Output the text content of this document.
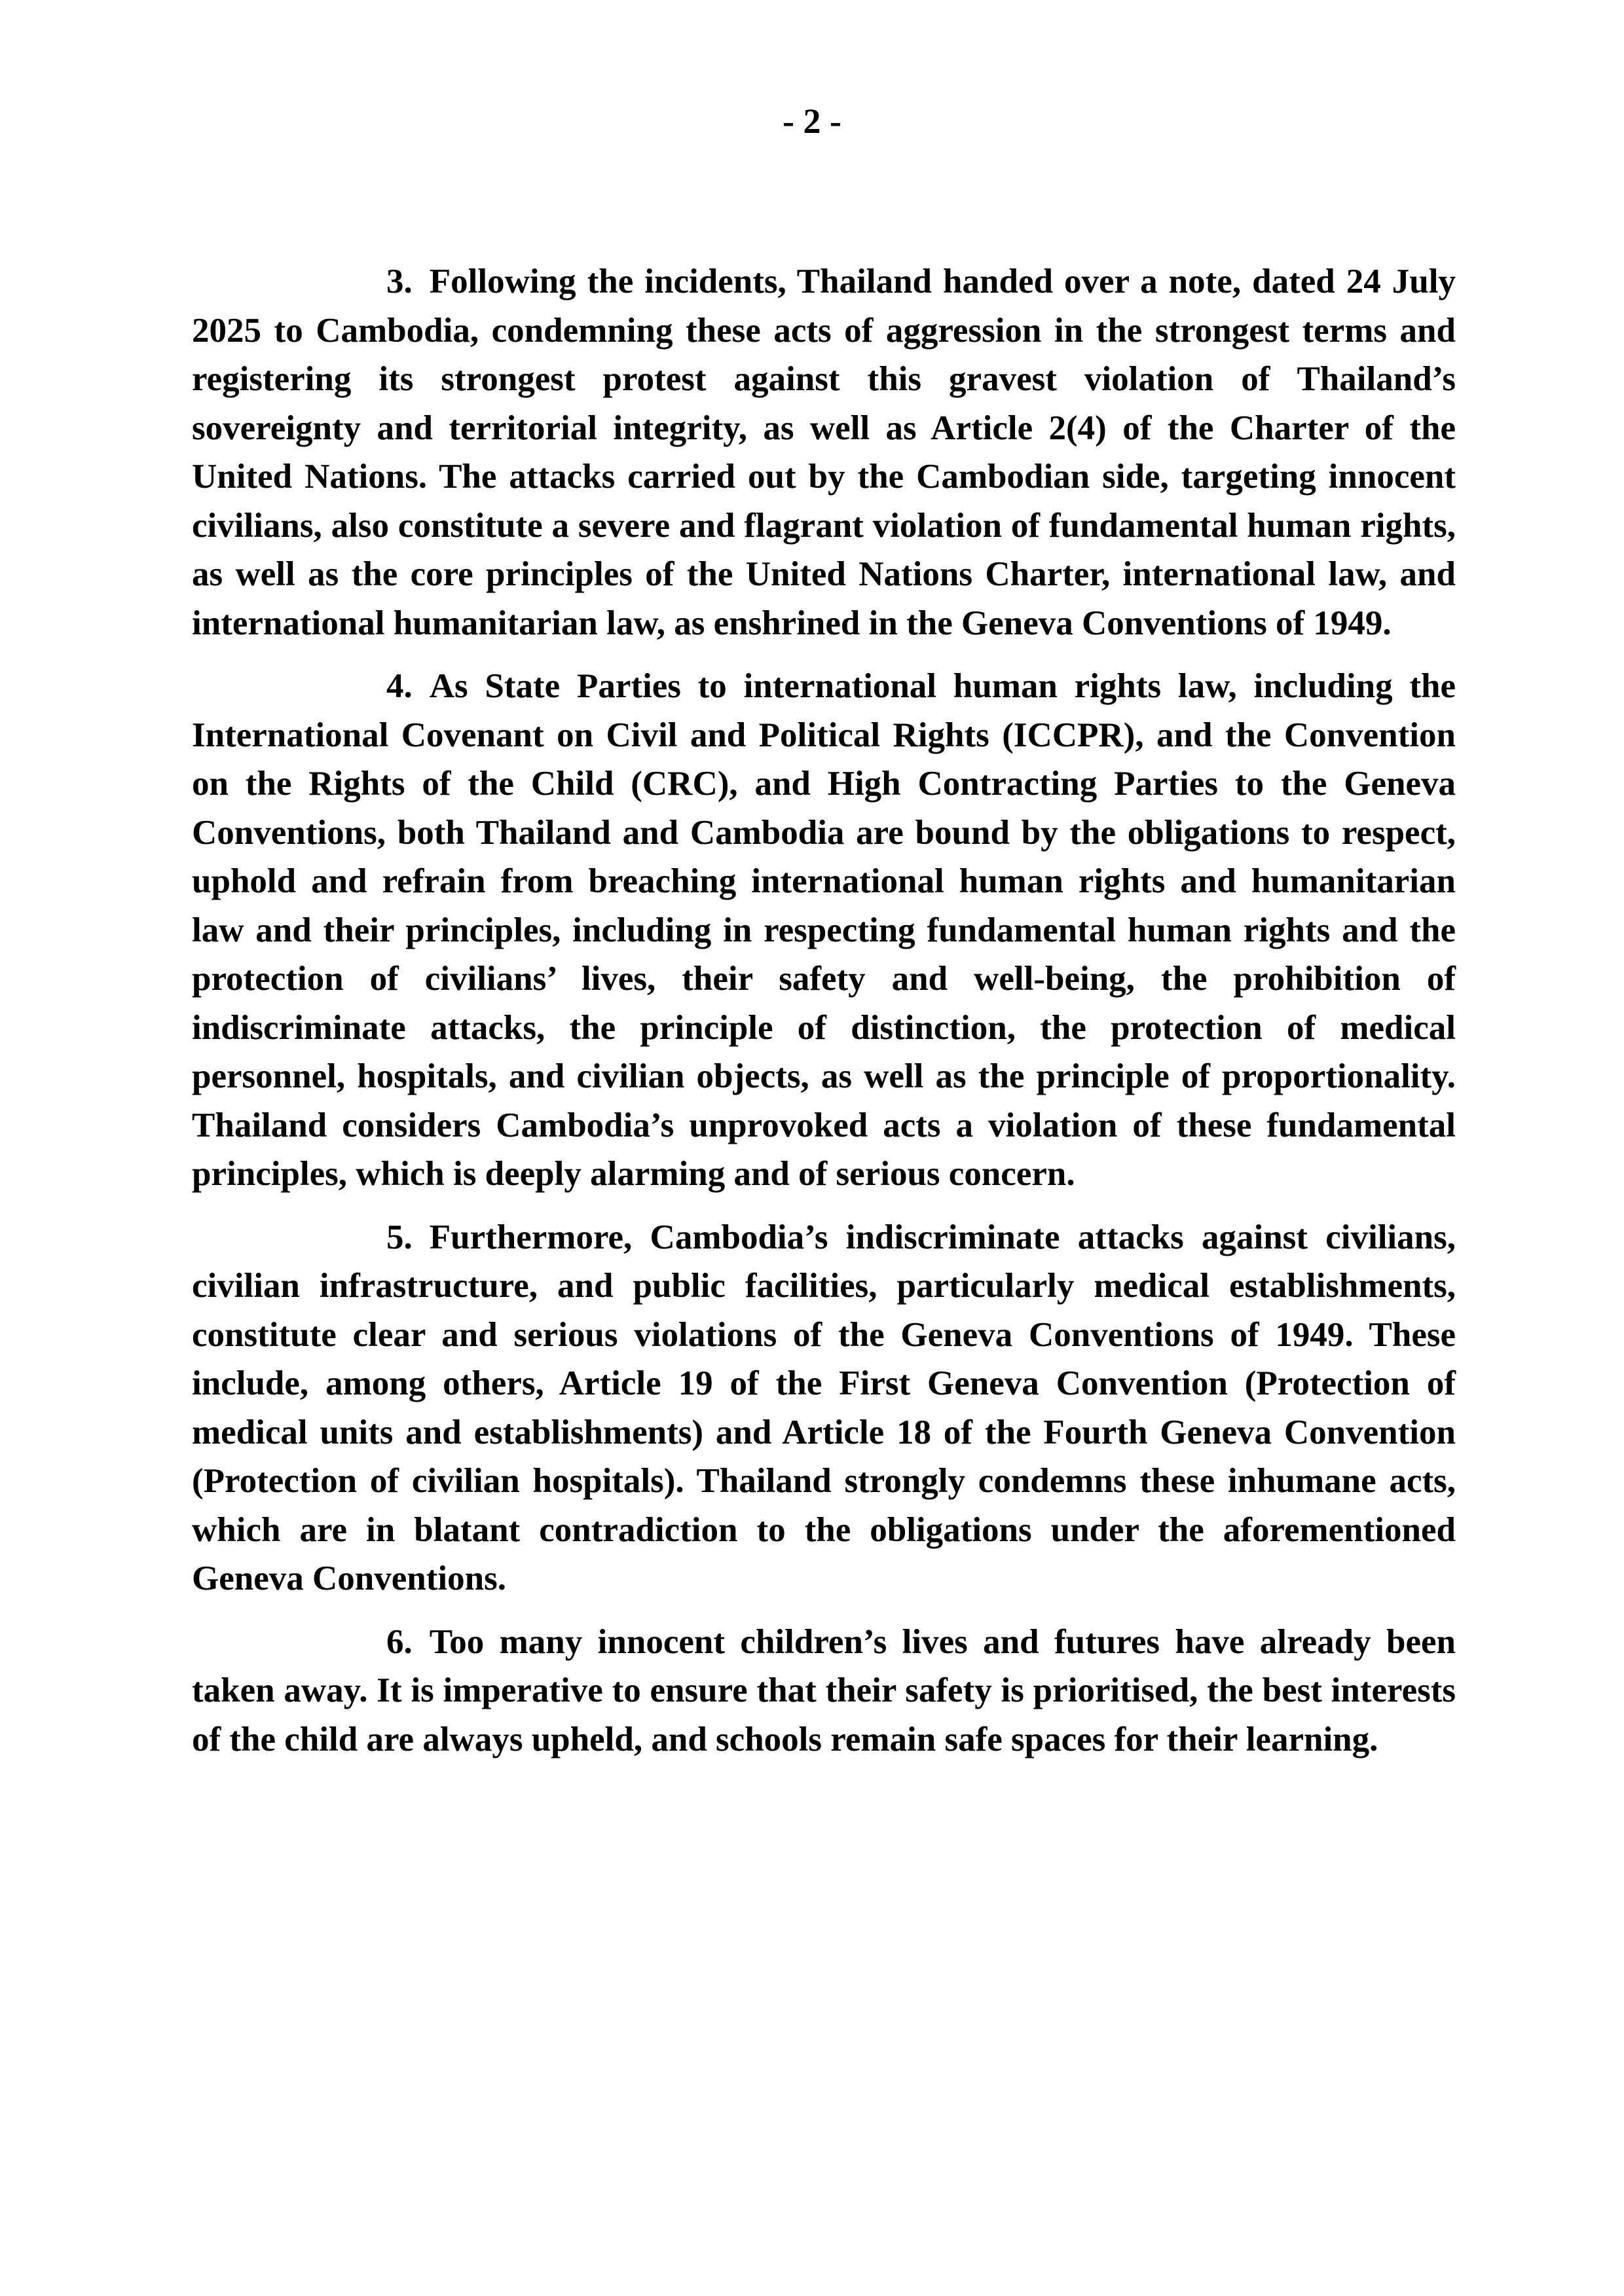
- 2 -

3. Following the incidents, Thailand handed over a note, dated 24 July 2025 to Cambodia, condemning these acts of aggression in the strongest terms and registering its strongest protest against this gravest violation of Thailand’s sovereignty and territorial integrity, as well as Article 2(4) of the Charter of the United Nations. The attacks carried out by the Cambodian side, targeting innocent civilians, also constitute a severe and flagrant violation of fundamental human rights, as well as the core principles of the United Nations Charter, international law, and international humanitarian law, as enshrined in the Geneva Conventions of 1949.

4. As State Parties to international human rights law, including the International Covenant on Civil and Political Rights (ICCPR), and the Convention on the Rights of the Child (CRC), and High Contracting Parties to the Geneva Conventions, both Thailand and Cambodia are bound by the obligations to respect, uphold and refrain from breaching international human rights and humanitarian law and their principles, including in respecting fundamental human rights and the protection of civilians’ lives, their safety and well-being, the prohibition of indiscriminate attacks, the principle of distinction, the protection of medical personnel, hospitals, and civilian objects, as well as the principle of proportionality. Thailand considers Cambodia’s unprovoked acts a violation of these fundamental principles, which is deeply alarming and of serious concern.

5. Furthermore, Cambodia’s indiscriminate attacks against civilians, civilian infrastructure, and public facilities, particularly medical establishments, constitute clear and serious violations of the Geneva Conventions of 1949. These include, among others, Article 19 of the First Geneva Convention (Protection of medical units and establishments) and Article 18 of the Fourth Geneva Convention (Protection of civilian hospitals). Thailand strongly condemns these inhumane acts, which are in blatant contradiction to the obligations under the aforementioned Geneva Conventions.

6. Too many innocent children’s lives and futures have already been taken away. It is imperative to ensure that their safety is prioritised, the best interests of the child are always upheld, and schools remain safe spaces for their learning.
